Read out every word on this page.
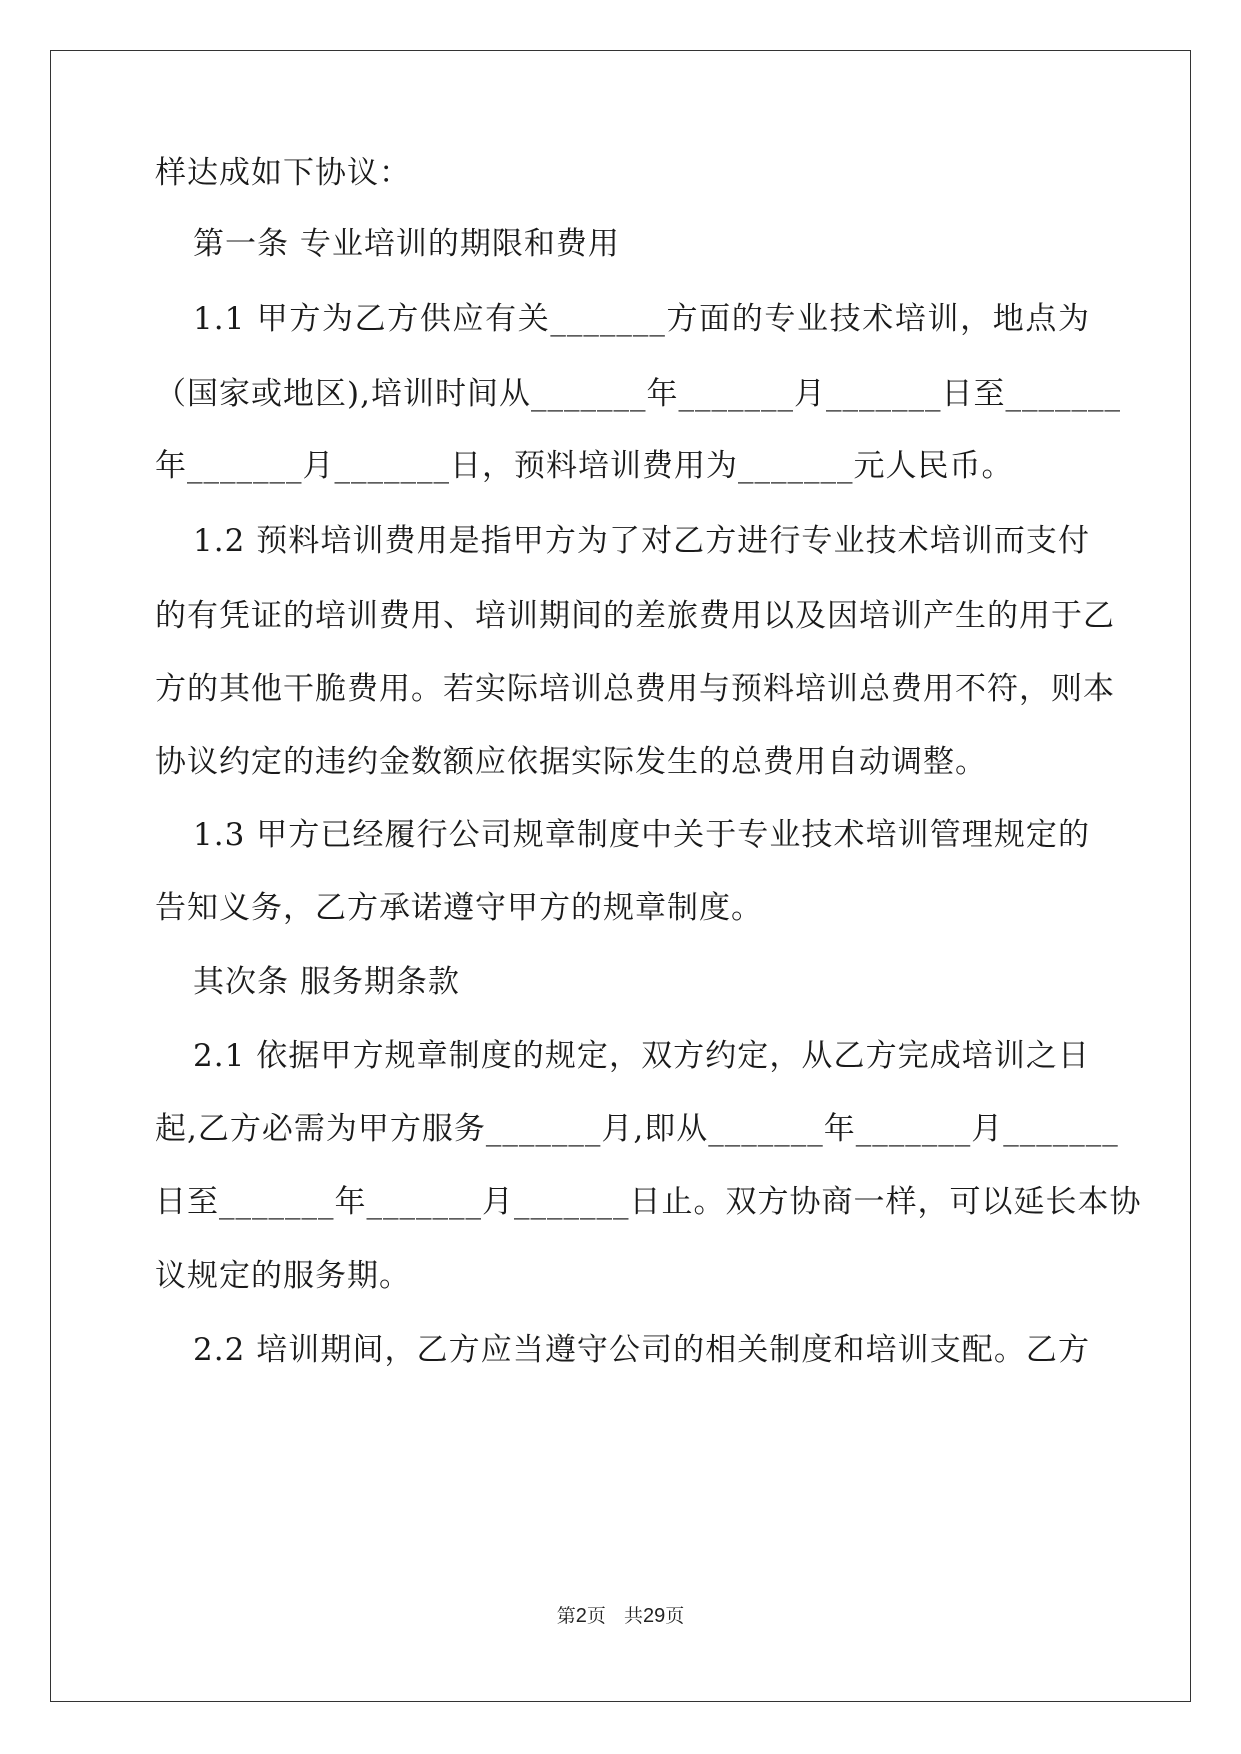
样达成如下协议：
第一条 专业培训的期限和费用
1.1 甲方为乙方供应有关_______方面的专业技术培训，地点为
（国家或地区),培训时间从_______年_______月_______日至_______
年_______月_______日，预料培训费用为_______元人民币。
1.2 预料培训费用是指甲方为了对乙方进行专业技术培训而支付
的有凭证的培训费用、培训期间的差旅费用以及因培训产生的用于乙
方的其他干脆费用。若实际培训总费用与预料培训总费用不符，则本
协议约定的违约金数额应依据实际发生的总费用自动调整。
1.3 甲方已经履行公司规章制度中关于专业技术培训管理规定的
告知义务，乙方承诺遵守甲方的规章制度。
其次条 服务期条款
2.1 依据甲方规章制度的规定，双方约定，从乙方完成培训之日
起,乙方必需为甲方服务_______月,即从_______年_______月_______
日至_______年_______月_______日止。双方协商一样，可以延长本协
议规定的服务期。
2.2 培训期间，乙方应当遵守公司的相关制度和培训支配。乙方
第2页 共29页
